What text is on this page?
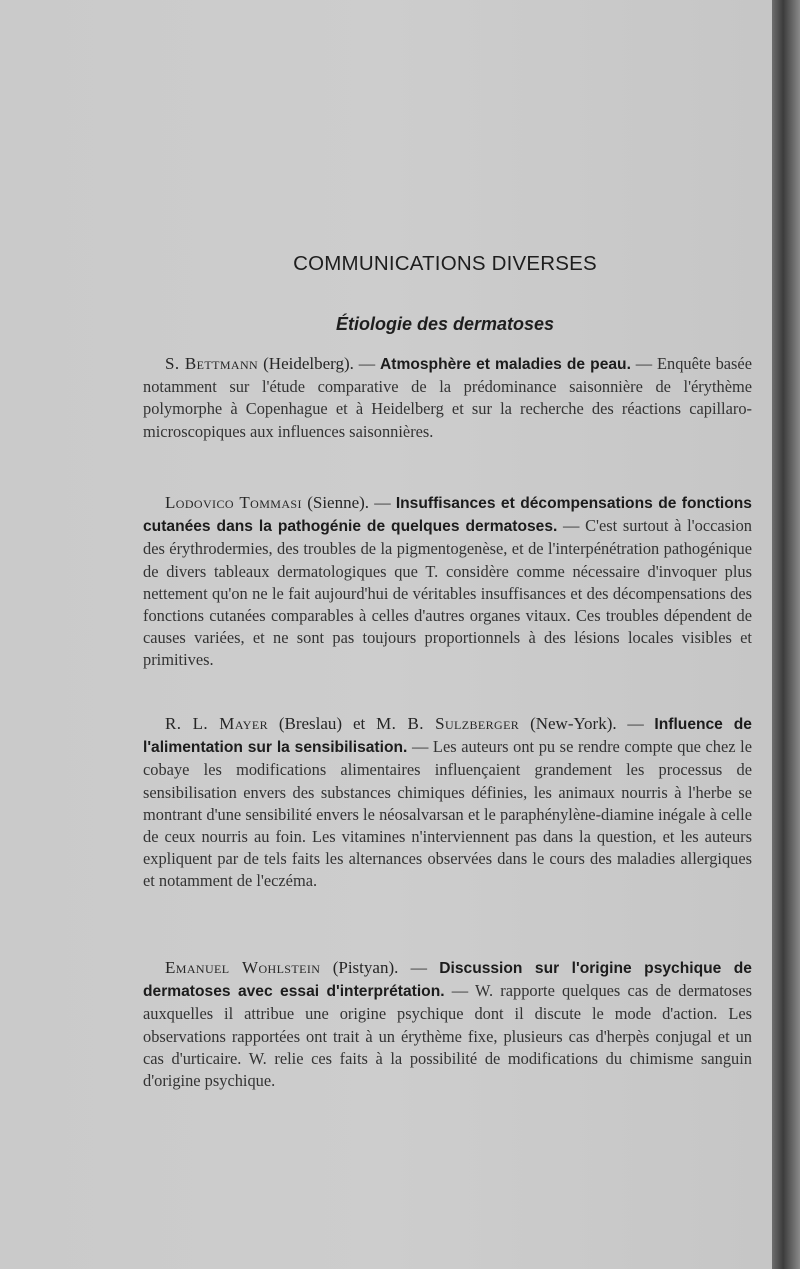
COMMUNICATIONS DIVERSES
Étiologie des dermatoses

S. Bettmann (Heidelberg). — Atmosphère et maladies de peau. — Enquête basée notamment sur l'étude comparative de la prédominance saisonnière de l'érythème polymorphe à Copenhague et à Heidelberg et sur la recherche des réactions capillaro-microscopiques aux influences saisonnières.

Lodovico Tommasi (Sienne). — Insuffisances et décompensations de fonctions cutanées dans la pathogénie de quelques dermatoses. — C'est surtout à l'occasion des érythrodermies, des troubles de la pigmentogenèse, et de l'interpénétration pathogénique de divers tableaux dermatologiques que T. considère comme nécessaire d'invoquer plus nettement qu'on ne le fait aujourd'hui de véritables insuffisances et des décompensations des fonctions cutanées comparables à celles d'autres organes vitaux. Ces troubles dépendent de causes variées, et ne sont pas toujours proportionnels à des lésions locales visibles et primitives.

R. L. Mayer (Breslau) et M. B. Sulzberger (New-York). — Influence de l'alimentation sur la sensibilisation. — Les auteurs ont pu se rendre compte que chez le cobaye les modifications alimentaires influençaient grandement les processus de sensibilisation envers des substances chimiques définies, les animaux nourris à l'herbe se montrant d'une sensibilité envers le néosalvarsan et le paraphénylène-diamine inégale à celle de ceux nourris au foin. Les vitamines n'interviennent pas dans la question, et les auteurs expliquent par de tels faits les alternances observées dans le cours des maladies allergiques et notamment de l'eczéma.

Emanuel Wohlstein (Pistyan). — Discussion sur l'origine psychique de dermatoses avec essai d'interprétation. — W. rapporte quelques cas de dermatoses auxquelles il attribue une origine psychique dont il discute le mode d'action. Les observations rapportées ont trait à un érythème fixe, plusieurs cas d'herpès conjugal et un cas d'urticaire. W. relie ces faits à la possibilité de modifications du chimisme sanguin d'origine psychique.
